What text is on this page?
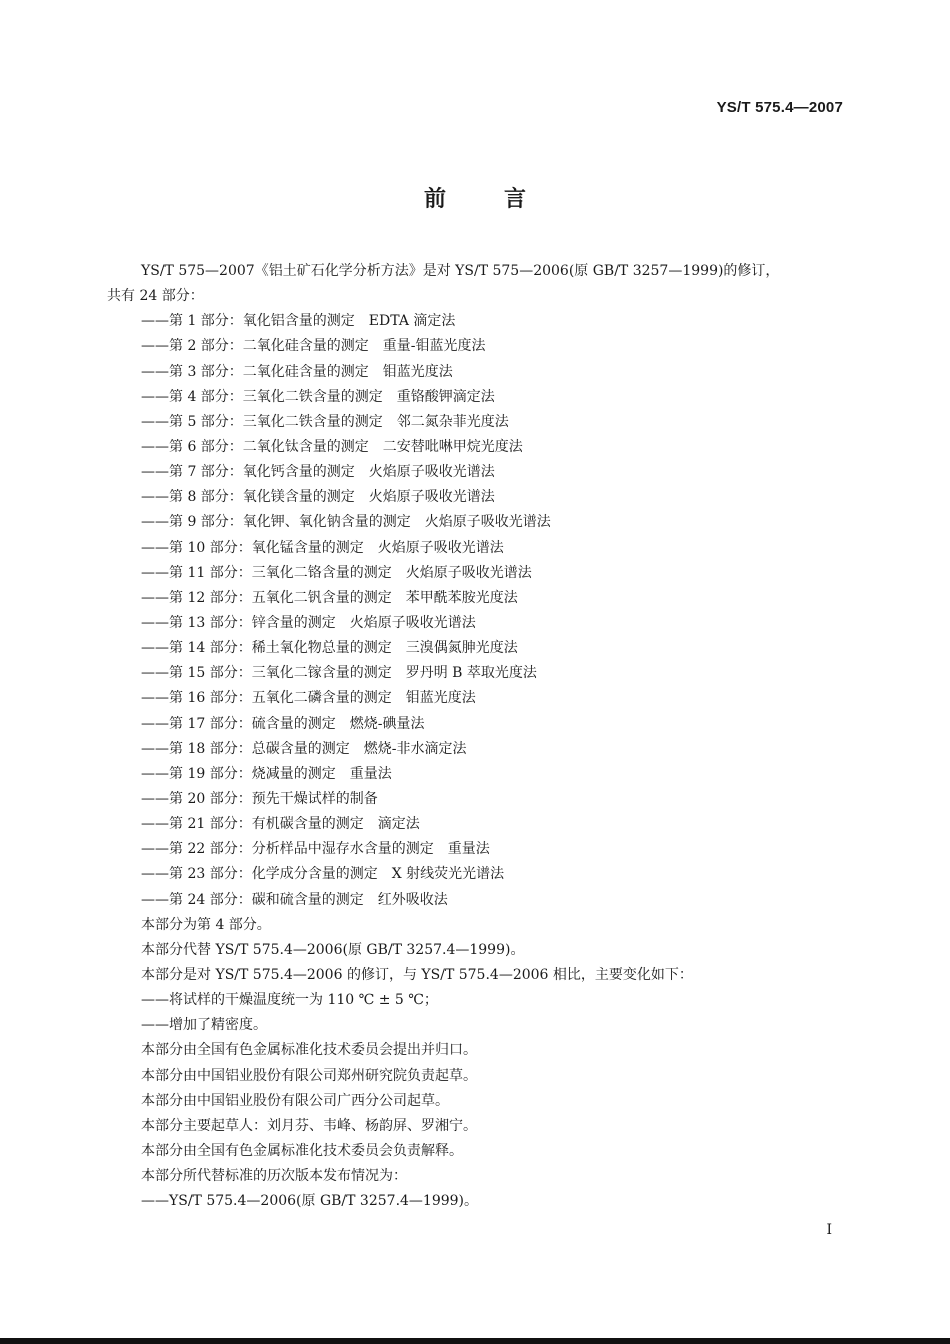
YS/T 575.4—2007
前言
YS/T 575—2007《铝土矿石化学分析方法》是对 YS/T 575—2006(原 GB/T 3257—1999)的修订，
共有 24 部分：
——第 1 部分：氧化铝含量的测定　EDTA 滴定法
——第 2 部分：二氧化硅含量的测定　重量-钼蓝光度法
——第 3 部分：二氧化硅含量的测定　钼蓝光度法
——第 4 部分：三氧化二铁含量的测定　重铬酸钾滴定法
——第 5 部分：三氧化二铁含量的测定　邻二氮杂菲光度法
——第 6 部分：二氧化钛含量的测定　二安替吡啉甲烷光度法
——第 7 部分：氧化钙含量的测定　火焰原子吸收光谱法
——第 8 部分：氧化镁含量的测定　火焰原子吸收光谱法
——第 9 部分：氧化钾、氧化钠含量的测定　火焰原子吸收光谱法
——第 10 部分：氧化锰含量的测定　火焰原子吸收光谱法
——第 11 部分：三氧化二铬含量的测定　火焰原子吸收光谱法
——第 12 部分：五氧化二钒含量的测定　苯甲酰苯胺光度法
——第 13 部分：锌含量的测定　火焰原子吸收光谱法
——第 14 部分：稀土氧化物总量的测定　三溴偶氮胂光度法
——第 15 部分：三氧化二镓含量的测定　罗丹明 B 萃取光度法
——第 16 部分：五氧化二磷含量的测定　钼蓝光度法
——第 17 部分：硫含量的测定　燃烧-碘量法
——第 18 部分：总碳含量的测定　燃烧-非水滴定法
——第 19 部分：烧减量的测定　重量法
——第 20 部分：预先干燥试样的制备
——第 21 部分：有机碳含量的测定　滴定法
——第 22 部分：分析样品中湿存水含量的测定　重量法
——第 23 部分：化学成分含量的测定　X 射线荧光光谱法
——第 24 部分：碳和硫含量的测定　红外吸收法
本部分为第 4 部分。
本部分代替 YS/T 575.4—2006(原 GB/T 3257.4—1999)。
本部分是对 YS/T 575.4—2006 的修订，与 YS/T 575.4—2006 相比，主要变化如下：
——将试样的干燥温度统一为 110 ℃ ± 5 ℃；
——增加了精密度。
本部分由全国有色金属标准化技术委员会提出并归口。
本部分由中国铝业股份有限公司郑州研究院负责起草。
本部分由中国铝业股份有限公司广西分公司起草。
本部分主要起草人：刘月芬、韦峰、杨韵屏、罗湘宁。
本部分由全国有色金属标准化技术委员会负责解释。
本部分所代替标准的历次版本发布情况为：
——YS/T 575.4—2006(原 GB/T 3257.4—1999)。
I
